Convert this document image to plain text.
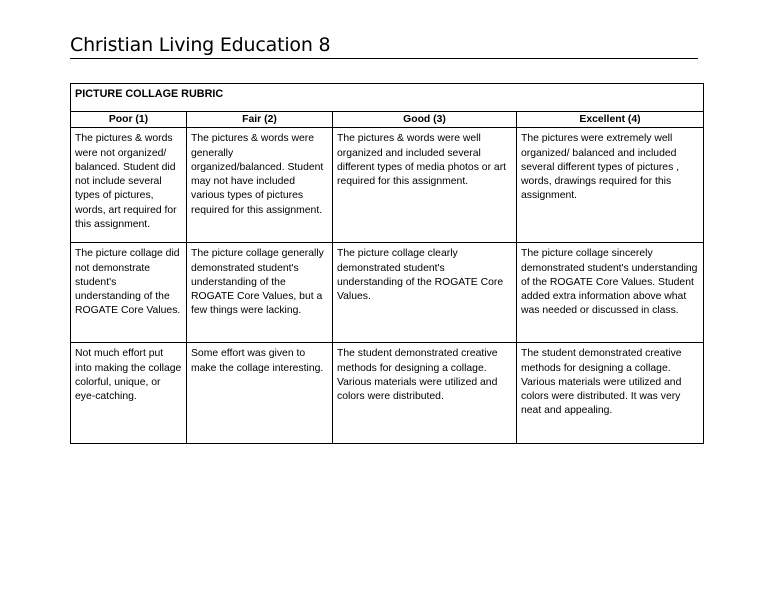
Christian Living Education 8
PICTURE COLLAGE RUBRIC			
Poor (1)	Fair (2)	Good (3)	Excellent (4)
The pictures & words were not organized/ balanced. Student did not include several types of pictures, words, art required for this assignment.	The pictures & words were generally organized/balanced. Student may not have included various types of pictures required for this assignment.	The pictures & words were well organized and included several different types of media photos or art required for this assignment.	The pictures were extremely well organized/ balanced and included several different types of pictures , words, drawings required for this assignment.
The picture collage did not demonstrate student's understanding of the ROGATE Core Values.	The picture collage generally demonstrated student's understanding of the ROGATE Core Values, but a few things were lacking.	The picture collage clearly demonstrated student's understanding of the ROGATE Core Values.	The picture collage sincerely demonstrated student's understanding of the ROGATE Core Values. Student added extra information above what was needed or discussed in class.
Not much effort put into making the collage colorful, unique, or eye-catching.	Some effort was given to make the collage interesting.	The student demonstrated creative methods for designing a collage. Various materials were utilized and colors were distributed.	The student demonstrated creative methods for designing a collage. Various materials were utilized and colors were distributed. It was very neat and appealing.
